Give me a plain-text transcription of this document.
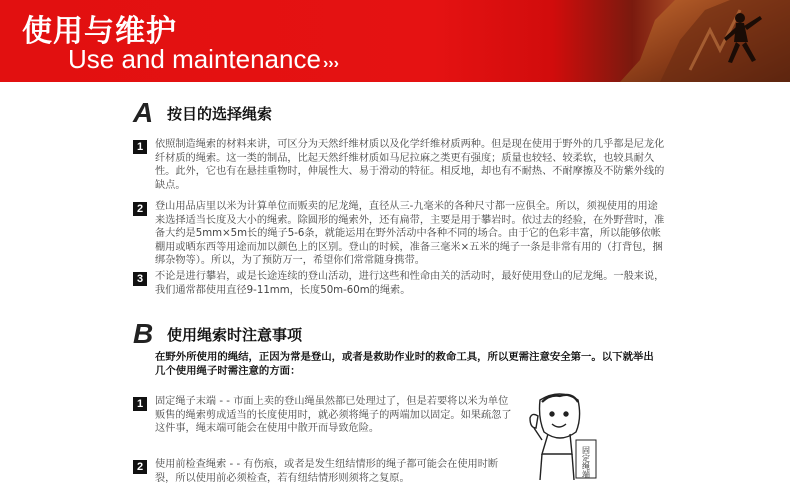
使用与维护
Use and maintenance ›››
A 按目的选择绳索
1	依照制造绳索的材料来讲，可区分为天然纤维材质以及化学纤维材质两种。但是现在使用于野外的几乎都是尼龙化纤材质的绳索。这一类的制品，比起天然纤维材质如马尼拉麻之类更有强度；质量也较轻、较柔软，也较具耐久性。此外，它也有在悬挂重物时，伸展性大、易于滑动的特征。相反地，却也有不耐热、不耐摩擦及不防紫外线的缺点。
2	登山用品店里以米为计算单位而贩卖的尼龙绳，直径从三-九毫米的各种尺寸都一应俱全。所以，须视使用的用途来选择适当长度及大小的绳索。除圆形的绳索外，还有扁带，主要是用于攀岩时。依过去的经验，在外野营时，准备大约是5mm×5m长的绳子5-6条，就能运用在野外活动中各种不同的场合。由于它的色彩丰富，所以能够依帐棚用或晒东西等用途而加以颜色上的区别。登山的时候，准备三毫米×五米的绳子一条是非常有用的（打背包，捆绑杂物等）。所以，为了预防万一，希望你们常常随身携带。
3	不论是进行攀岩，或是长途连续的登山活动，进行这些和性命由关的活动时，最好使用登山的尼龙绳。一般来说，我们通常都使用直径9-11mm，长度50m-60m的绳索。
B 使用绳索时注意事项
在野外所使用的绳结，正因为常是登山，或者是救助作业时的救命工具，所以更需注意安全第一。以下就举出几个使用绳子时需注意的方面：
1	固定绳子末端 - - 市面上卖的登山绳虽然都已处理过了，但是若要将以米为单位贩售的绳索剪成适当的长度使用时，就必须将绳子的两端加以固定。如果疏忽了这件事，绳末端可能会在使用中散开而导致危险。
2	使用前检查绳索 - - 有伤痕，或者是发生纽结情形的绳子都可能会在使用时断裂，所以使用前必须检查，若有纽结情形则须将之复原。
固定绳端
